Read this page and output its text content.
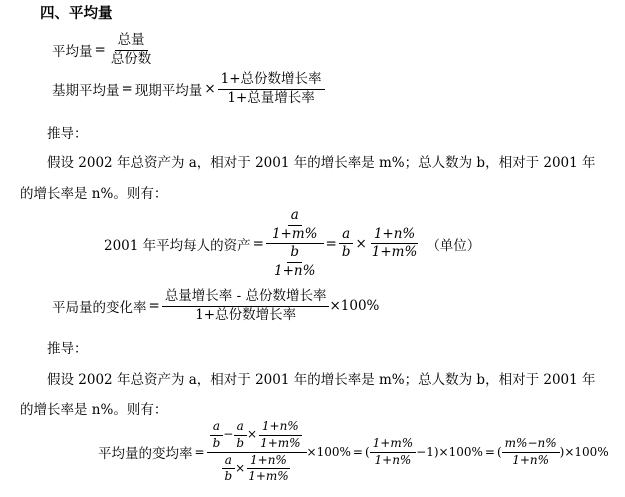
四、平均量
平均量 = $\frac{\text{总量}}{\text{总份数}}$
基期平均量 = 现期平均量 × $\frac{\text{1+总份数增长率}}{\text{1+总量增长率}}$
推导：
假设 2002 年总资产为 a，相对于 2001 年的增长率是 m%；总人数为 b，相对于 2001 年
的增长率是 n%。则有：
2001 年平均每人的资产 = $\frac{\frac{a}{1+m\%}}{\frac{b}{1+n\%}} = \frac{a}{b} \times \frac{1+n\%}{1+m\%}$ （单位）
平局量的变化率 = $\frac{\text{总量增长率 - 总份数增长率}}{\text{1+总份数增长率}} \times 100\%$
推导：
假设 2002 年总资产为 a，相对于 2001 年的增长率是 m%；总人数为 b，相对于 2001 年
的增长率是 n%。则有：
平均量的变均率 =
$\frac{a}{b} - \frac{a}{b} \times \frac{1+n\%}{1+m\%}$
$\frac{a}{b} \times \frac{1+n\%}{1+m\%}$
×100% = ( $\frac{1+m\%}{1+n\%} -1) \times 100\%$ = ( $\frac{m\%-n\%}{1+n\%}$ ) ×100%
